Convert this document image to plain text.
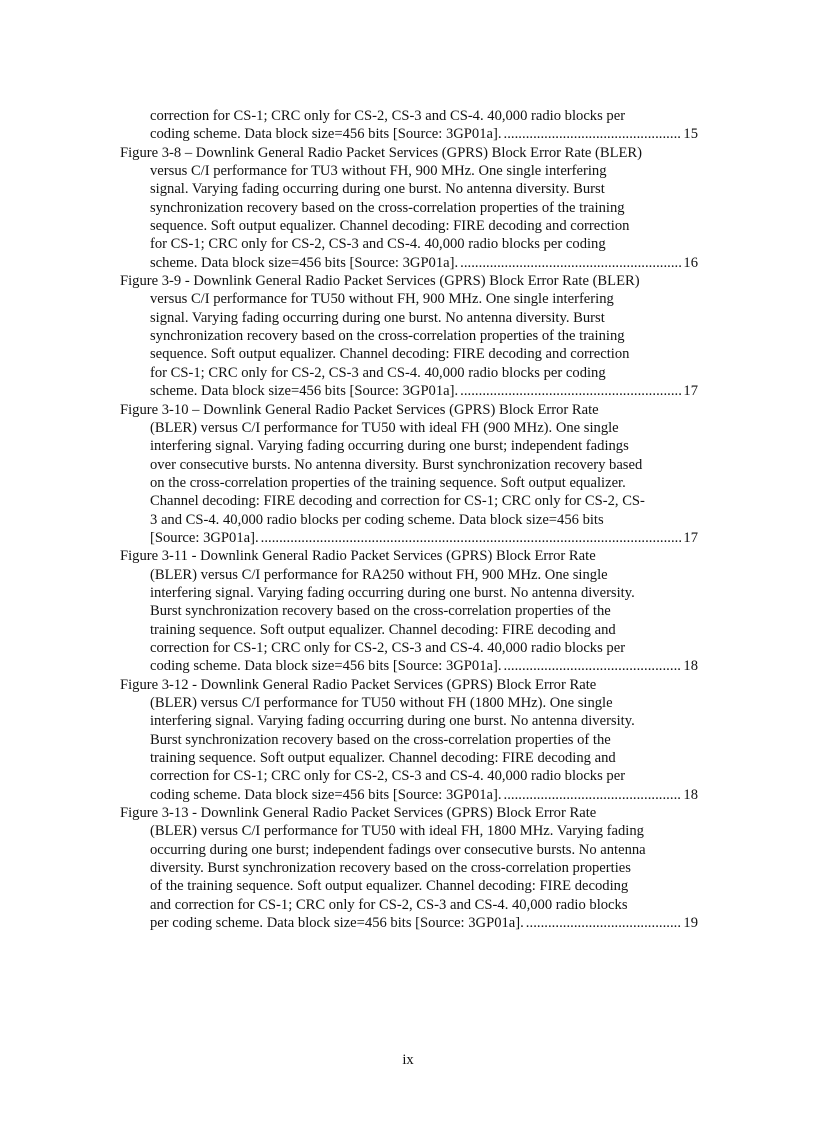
correction for CS-1; CRC only for CS-2, CS-3 and CS-4. 40,000 radio blocks per
coding scheme. Data block size=456 bits [Source: 3GP01a]. . . .	15
Figure 3-8 – Downlink General Radio Packet Services (GPRS) Block Error Rate (BLER)
versus C/I performance for TU3 without FH, 900 MHz. One single interfering
signal. Varying fading occurring during one burst. No antenna diversity. Burst
synchronization recovery based on the cross-correlation properties of the training
sequence. Soft output equalizer. Channel decoding: FIRE decoding and correction
for CS-1; CRC only for CS-2, CS-3 and CS-4. 40,000 radio blocks per coding
scheme. Data block size=456 bits [Source: 3GP01a]. . . .	16
Figure 3-9 - Downlink General Radio Packet Services (GPRS) Block Error Rate (BLER)
versus C/I performance for TU50 without FH, 900 MHz. One single interfering
signal. Varying fading occurring during one burst. No antenna diversity. Burst
synchronization recovery based on the cross-correlation properties of the training
sequence. Soft output equalizer. Channel decoding: FIRE decoding and correction
for CS-1; CRC only for CS-2, CS-3 and CS-4. 40,000 radio blocks per coding
scheme. Data block size=456 bits [Source: 3GP01a]. . . .	17
Figure 3-10 – Downlink General Radio Packet Services (GPRS) Block Error Rate
(BLER) versus C/I performance for TU50 with ideal FH (900 MHz). One single
interfering signal. Varying fading occurring during one burst; independent fadings
over consecutive bursts. No antenna diversity. Burst synchronization recovery based
on the cross-correlation properties of the training sequence. Soft output equalizer.
Channel decoding: FIRE decoding and correction for CS-1; CRC only for CS-2, CS-
3 and CS-4. 40,000 radio blocks per coding scheme. Data block size=456 bits
[Source: 3GP01a]. . . .	17
Figure 3-11 - Downlink General Radio Packet Services (GPRS) Block Error Rate
(BLER) versus C/I performance for RA250 without FH, 900 MHz. One single
interfering signal. Varying fading occurring during one burst. No antenna diversity.
Burst synchronization recovery based on the cross-correlation properties of the
training sequence. Soft output equalizer. Channel decoding: FIRE decoding and
correction for CS-1; CRC only for CS-2, CS-3 and CS-4. 40,000 radio blocks per
coding scheme. Data block size=456 bits [Source: 3GP01a]. . . .	18
Figure 3-12 - Downlink General Radio Packet Services (GPRS) Block Error Rate
(BLER) versus C/I performance for TU50 without FH (1800 MHz). One single
interfering signal. Varying fading occurring during one burst. No antenna diversity.
Burst synchronization recovery based on the cross-correlation properties of the
training sequence. Soft output equalizer. Channel decoding: FIRE decoding and
correction for CS-1; CRC only for CS-2, CS-3 and CS-4. 40,000 radio blocks per
coding scheme. Data block size=456 bits [Source: 3GP01a]. . . .	18
Figure 3-13 - Downlink General Radio Packet Services (GPRS) Block Error Rate
(BLER) versus C/I performance for TU50 with ideal FH, 1800 MHz. Varying fading
occurring during one burst; independent fadings over consecutive bursts. No antenna
diversity. Burst synchronization recovery based on the cross-correlation properties
of the training sequence. Soft output equalizer. Channel decoding: FIRE decoding
and correction for CS-1; CRC only for CS-2, CS-3 and CS-4. 40,000 radio blocks
per coding scheme. Data block size=456 bits [Source: 3GP01a]. . . .	19
ix
